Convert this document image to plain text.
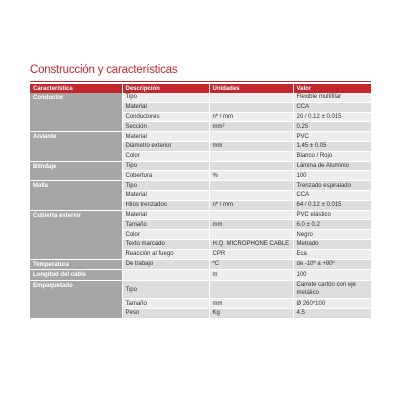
Construcción y características
Característica	Descripción	Unidades	Valor
Conductor	Tipo		Flexible multifilar
	Material		CCA
	Conductores	nº / mm	20 / 0.12 ± 0.015
	Sección	mm²	0.25
Aislante	Material		PVC
	Diámetro exterior	mm	1.45 ± 0.05
	Color		Blanco / Rojo
Blindaje	Tipo		Lámina de Aluminio
	Cobertura	%	100
Malla	Tipo		Trenzado espiralado
	Material		CCA
	Hilos trenzados	nº / mm	64 / 0.12 ± 0.015
Cubierta exterior	Material		PVC elástico
	Tamaño	mm	6.0 ± 0.2
	Color		Negro
	Texto marcado	H.Q. MICROPHONE CABLE	Metrado
	Reacción al fuego	CPR	Eca
Temperatura	De trabajo	ºC	de -10º a +80º
Longitud del cable		m	100
Empaquetado	Tipo		Carrete cartón con eje metálico
	Tamaño	mm	Ø 260*100
	Peso	Kg	4.5
